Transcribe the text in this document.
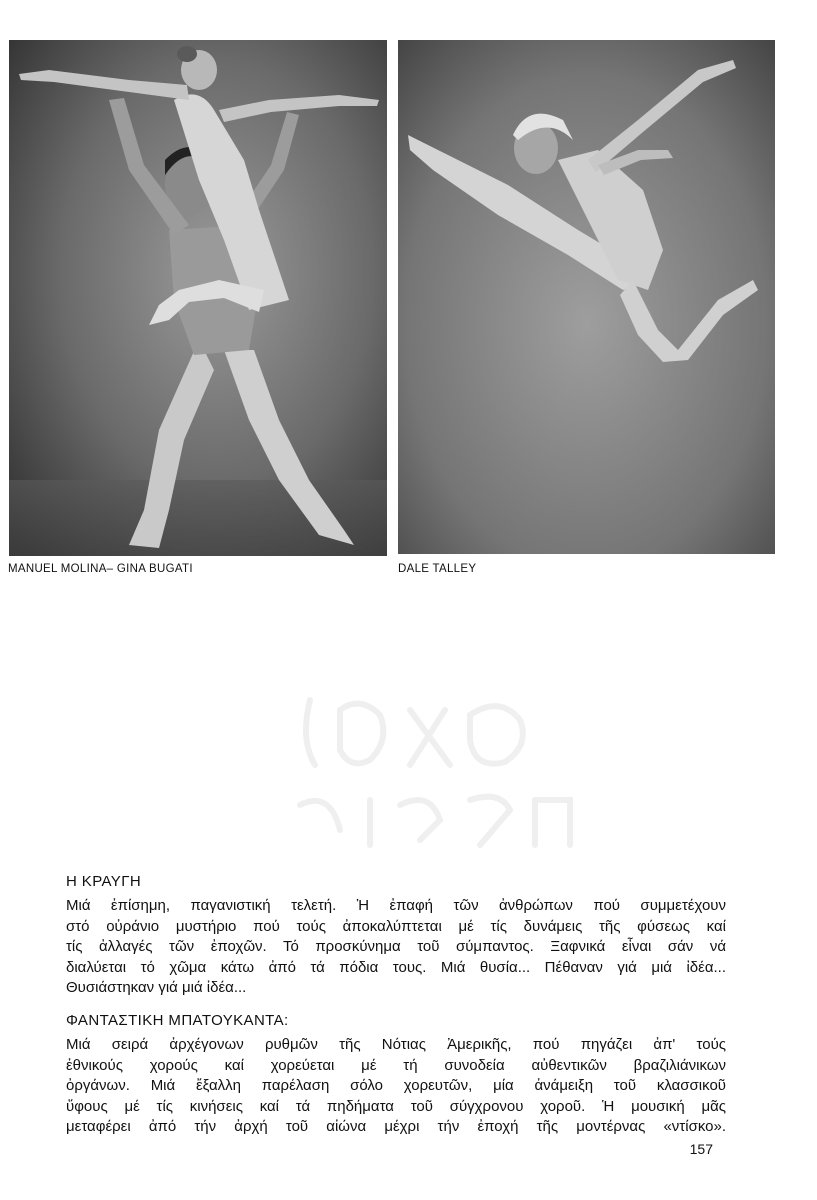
MANUEL MOLINA– GINA BUGATI	DALE TALLEY
Η ΚΡΑΥΓΗ
Μιά ἐπίσημη, παγανιστική τελετή. Ἡ ἐπαφή τῶν ἀνθρώπων πού συμμετέχουν
στό οὐράνιο μυστήριο πού τούς ἀποκαλύπτεται μέ τίς δυνάμεις τῆς φύσεως καί
τίς ἀλλαγές τῶν ἐποχῶν. Τό προσκύνημα τοῦ σύμπαντος. Ξαφνικά εἶναι σάν νά
διαλύεται τό χῶμα κάτω ἀπό τά πόδια τους. Μιά θυσία... Πέθαναν γιά μιά ἰδέα...
Θυσιάστηκαν γιά μιά ἰδέα...
ΦΑΝΤΑΣΤΙΚΗ ΜΠΑΤΟΥΚΑΝΤΑ:
Μιά σειρά ἀρχέγονων ρυθμῶν τῆς Νότιας Ἀμερικῆς, πού πηγάζει ἀπ' τούς
ἐθνικούς χορούς καί χορεύεται μέ τή συνοδεία αὐθεντικῶν βραζιλιάνικων
ὀργάνων. Μιά ἔξαλλη παρέλαση σόλο χορευτῶν, μία ἀνάμειξη τοῦ κλασσικοῦ
ὕφους μέ τίς κινήσεις καί τά πηδήματα τοῦ σύγχρονου χοροῦ. Ἡ μουσική μᾶς
μεταφέρει ἀπό τήν ἀρχή τοῦ αἰώνα μέχρι τήν ἐποχή τῆς μοντέρνας «ντίσκο».
157
